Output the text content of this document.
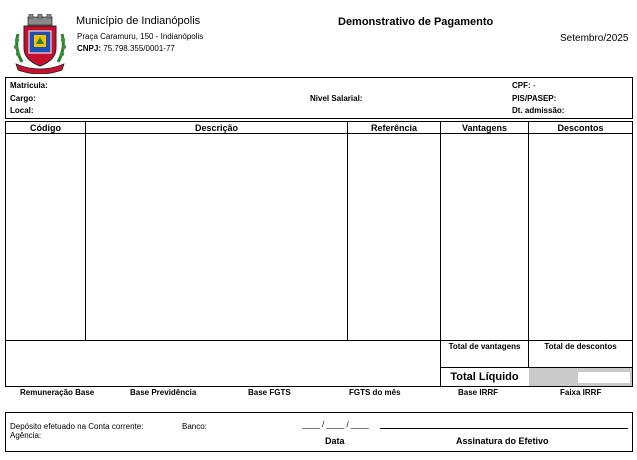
Município de Indianópolis
Praça Caramuru, 150 - Indianópolis
CNPJ: 75.798.355/0001-77
Demonstrativo de Pagamento
Setembro/2025
Matricula:
Cargo:
Local:
Nivel Salarial:
CPF: -
PIS/PASEP:
Dt. admissão:
Código	Descrição	Referência	Vantagens	Descontos
Total de vantagens	Total de descontos
Total Líquido
Remuneração Base	Base Previdência	Base FGTS	FGTS do mês	Base IRRF	Faixa IRRF
Depósito efetuado na Conta corrente:
Agência:
Banco:	____ / ____ / ____
Data	Assinatura do Efetivo
